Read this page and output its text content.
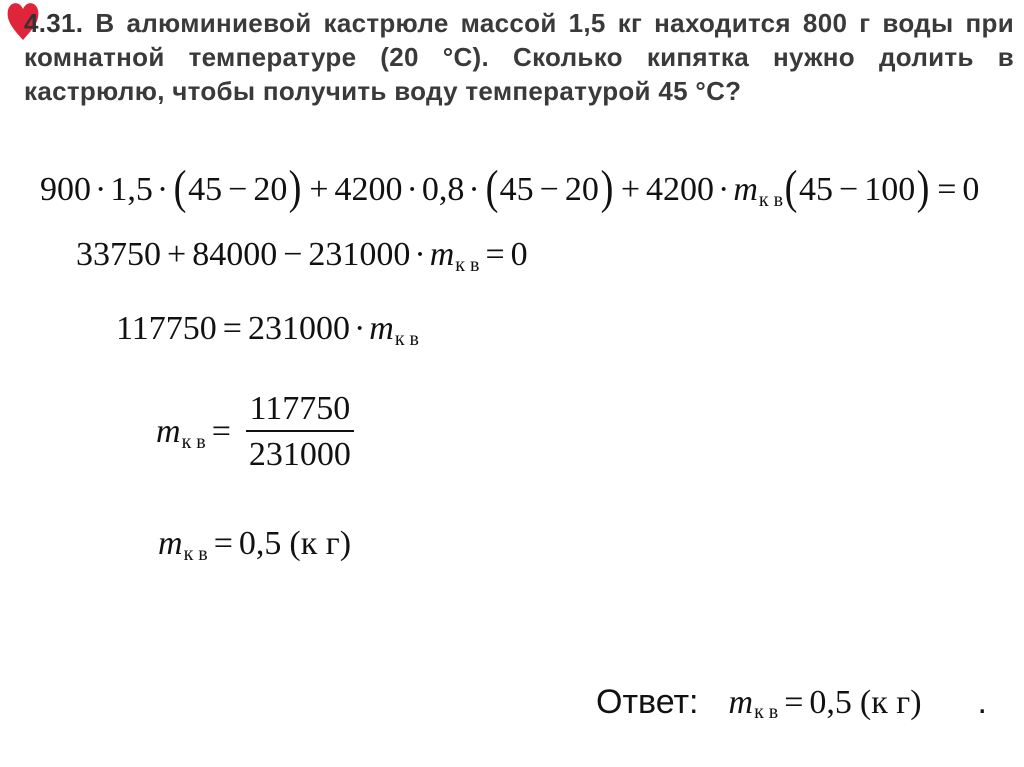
4.31. В алюминиевой кастрюле массой 1,5 кг находится 800 г воды при комнатной температуре (20 °С). Сколько кипятка нужно долить в кастрюлю, чтобы получить воду температурой 45 °С?
900 · 1,5 · ( 45 − 20 ) + 4200 · 0,8 · ( 45 − 20 ) + 4200 · m к в ( 45 − 100 ) = 0
33750 + 84000 − 231000 · m к в = 0
117750 = 231000 · m к в
m к $в = \frac{117750}{231000}$
m к в = 0,5 (к г)
Ответ: m к в = 0,5 (к г) .
